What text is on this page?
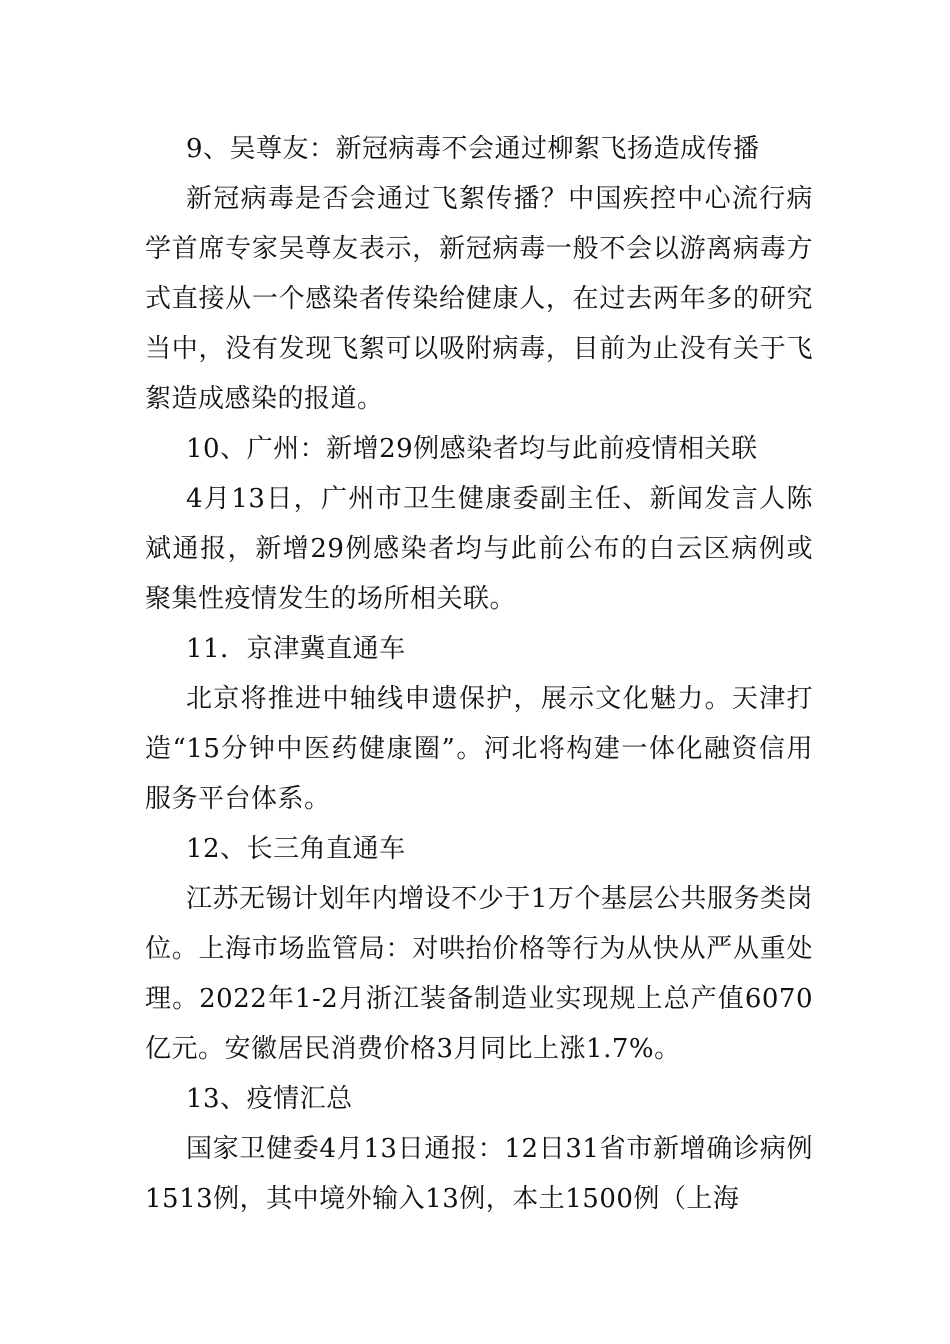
9、吴尊友：新冠病毒不会通过柳絮飞扬造成传播

新冠病毒是否会通过飞絮传播？中国疾控中心流行病学首席专家吴尊友表示，新冠病毒一般不会以游离病毒方式直接从一个感染者传染给健康人，在过去两年多的研究当中，没有发现飞絮可以吸附病毒，目前为止没有关于飞絮造成感染的报道。

10、广州：新增29例感染者均与此前疫情相关联

4月13日，广州市卫生健康委副主任、新闻发言人陈斌通报，新增29例感染者均与此前公布的白云区病例或聚集性疫情发生的场所相关联。

11．京津冀直通车

北京将推进中轴线申遗保护，展示文化魅力。天津打造“15分钟中医药健康圈”。河北将构建一体化融资信用服务平台体系。

12、长三角直通车

江苏无锡计划年内增设不少于1万个基层公共服务类岗位。上海市场监管局：对哄抬价格等行为从快从严从重处理。2022年1-2月浙江装备制造业实现规上总产值6070亿元。安徽居民消费价格3月同比上涨1.7%。

13、疫情汇总

国家卫健委4月13日通报：12日31省市新增确诊病例1513例，其中境外输入13例，本土1500例（上海
